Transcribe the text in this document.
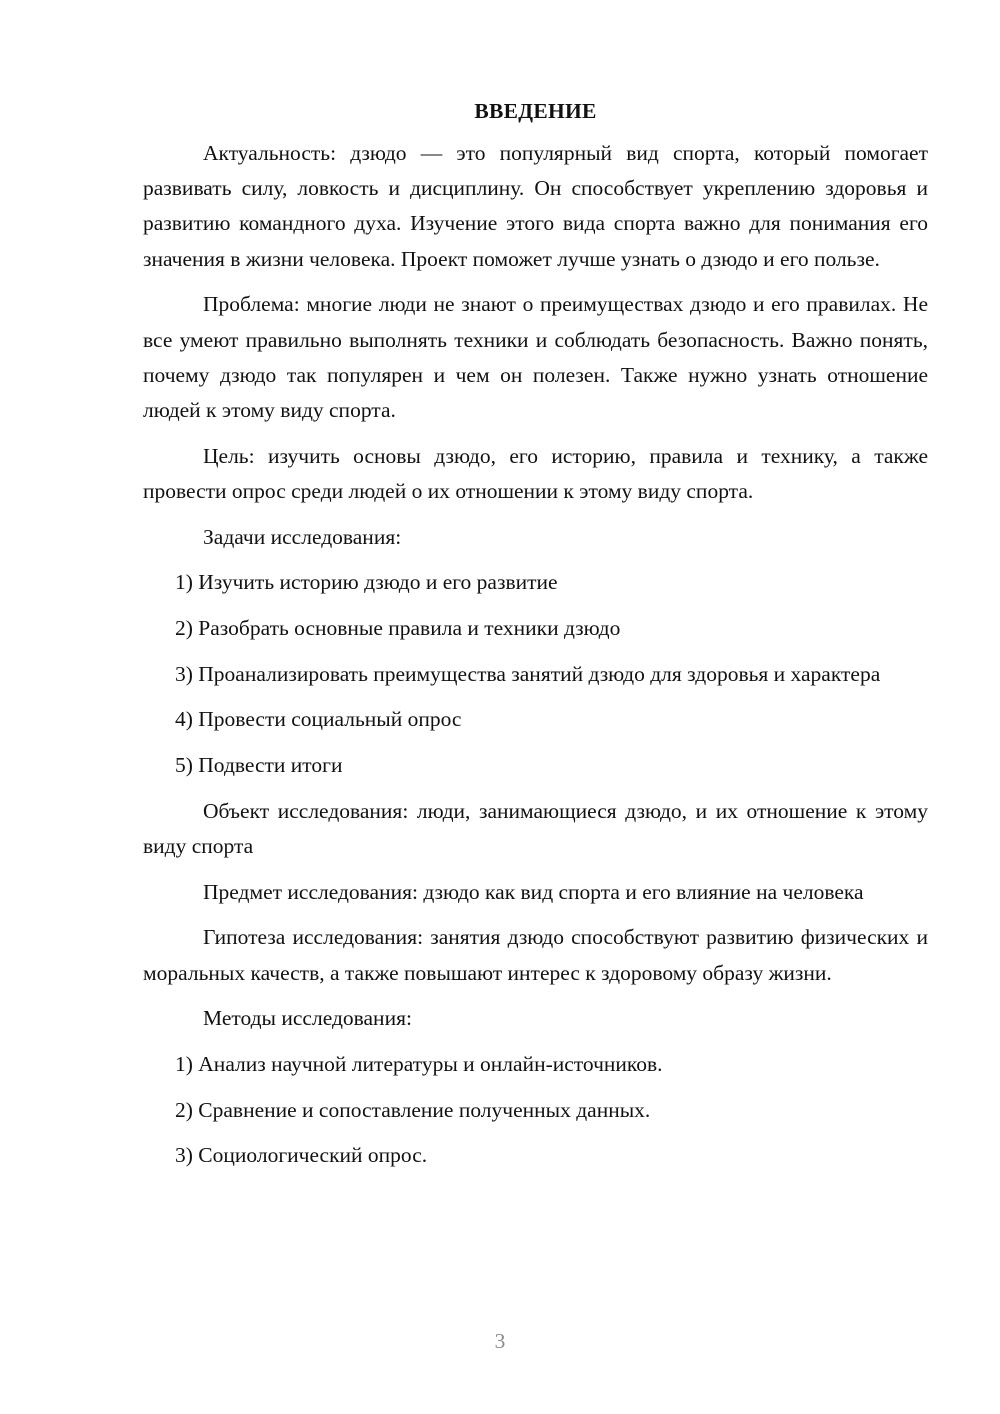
ВВЕДЕНИЕ

Актуальность: дзюдо — это популярный вид спорта, который помогает развивать силу, ловкость и дисциплину. Он способствует укреплению здоровья и развитию командного духа. Изучение этого вида спорта важно для понимания его значения в жизни человека. Проект поможет лучше узнать о дзюдо и его пользе.

Проблема: многие люди не знают о преимуществах дзюдо и его правилах. Не все умеют правильно выполнять техники и соблюдать безопасность. Важно понять, почему дзюдо так популярен и чем он полезен. Также нужно узнать отношение людей к этому виду спорта.

Цель: изучить основы дзюдо, его историю, правила и технику, а также провести опрос среди людей о их отношении к этому виду спорта.

Задачи исследования:

1) Изучить историю дзюдо и его развитие

2) Разобрать основные правила и техники дзюдо

3) Проанализировать преимущества занятий дзюдо для здоровья и характера

4) Провести социальный опрос

5) Подвести итоги

Объект исследования: люди, занимающиеся дзюдо, и их отношение к этому виду спорта

Предмет исследования: дзюдо как вид спорта и его влияние на человека

Гипотеза исследования: занятия дзюдо способствуют развитию физических и моральных качеств, а также повышают интерес к здоровому образу жизни.

Методы исследования:

1) Анализ научной литературы и онлайн-источников.

2) Сравнение и сопоставление полученных данных.

3) Социологический опрос.

3
